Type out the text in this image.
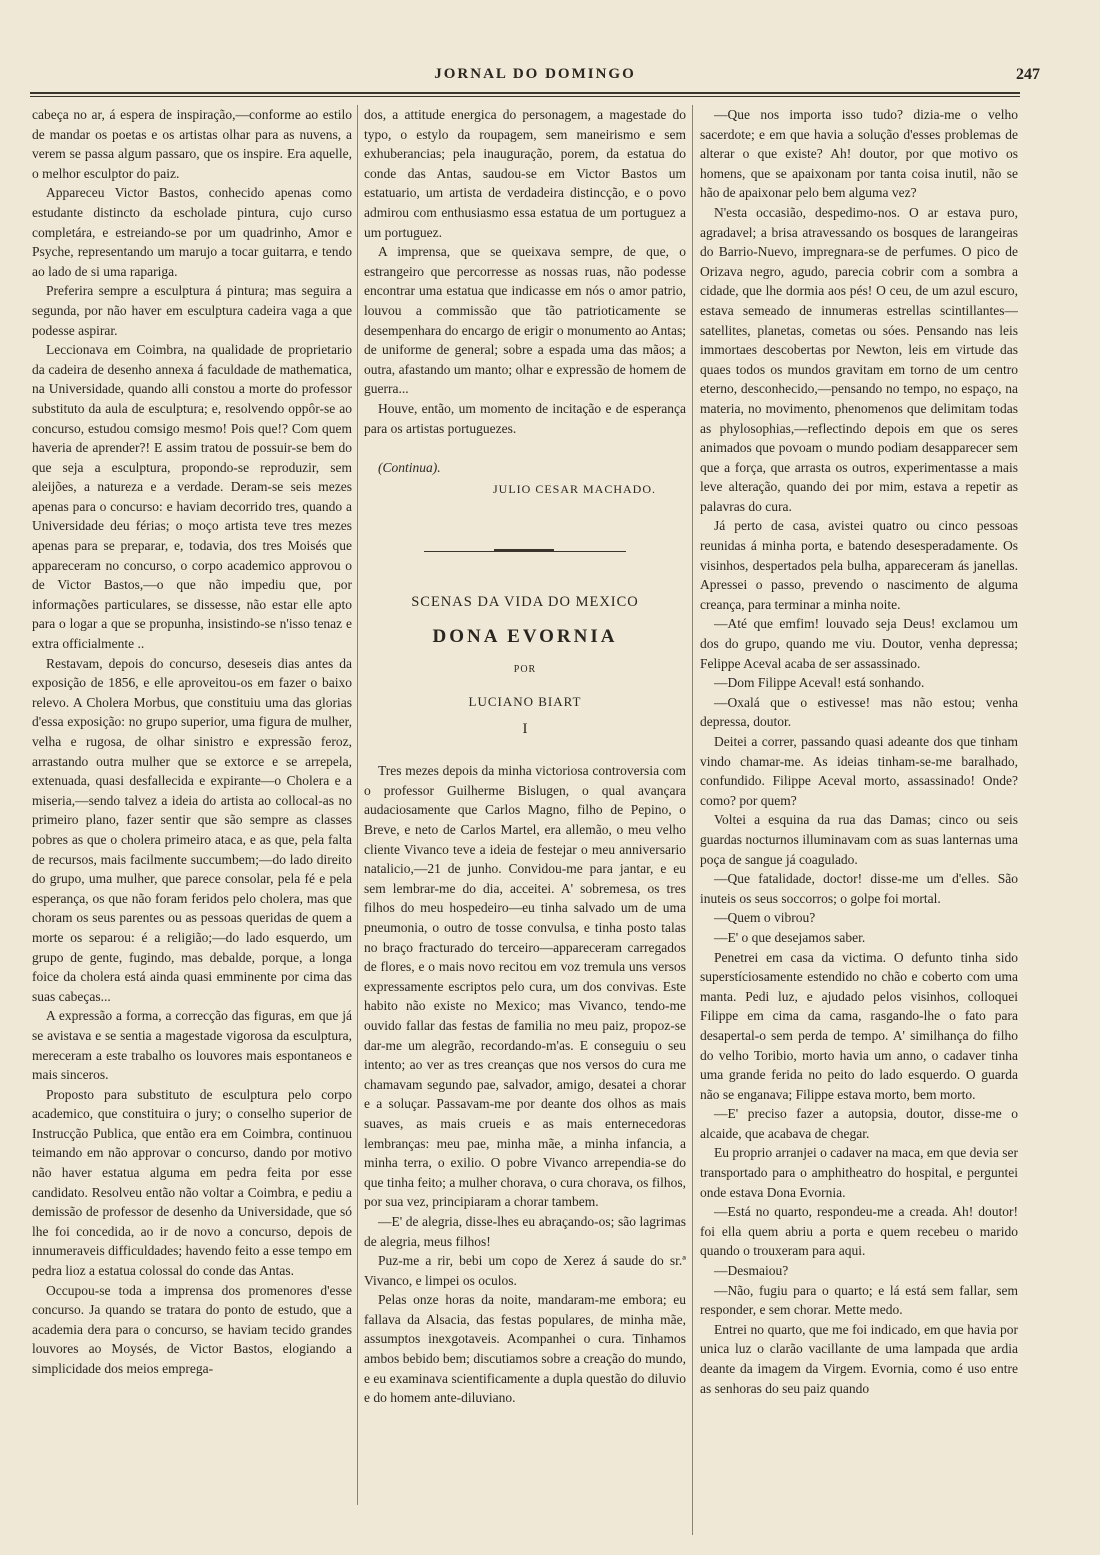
JORNAL DO DOMINGO	247

cabeça no ar, á espera de inspiração,—conforme ao estilo de mandar os poetas e os artistas olhar para as nuvens, a verem se passa algum passaro, que os inspire. Era aquelle, o melhor esculptor do paiz.

Appareceu Victor Bastos, conhecido apenas como estudante distincto da escholade pintura, cujo curso completára, e estreiando-se por um quadrinho, Amor e Psyche, representando um marujo a tocar guitarra, e tendo ao lado de si uma rapariga.

Preferira sempre a esculptura á pintura; mas seguira a segunda, por não haver em esculptura cadeira vaga a que podesse aspirar.

Leccionava em Coimbra, na qualidade de proprietario da cadeira de desenho annexa á faculdade de mathematica, na Universidade, quando alli constou a morte do professor substituto da aula de esculptura; e, resolvendo oppôr-se ao concurso, estudou comsigo mesmo! Pois que!? Com quem haveria de aprender?! E assim tratou de possuir-se bem do que seja a esculptura, propondo-se reproduzir, sem aleijões, a natureza e a verdade. Deram-se seis mezes apenas para o concurso: e haviam decorrido tres, quando a Universidade deu férias; o moço artista teve tres mezes apenas para se preparar, e, todavia, dos tres Moisés que appareceram no concurso, o corpo academico approvou o de Victor Bastos,—o que não impediu que, por informações particulares, se dissesse, não estar elle apto para o logar a que se propunha, insistindo-se n'isso tenaz e extra officialmente ..

Restavam, depois do concurso, deseseis dias antes da exposição de 1856, e elle aproveitou-os em fazer o baixo relevo. A Cholera Morbus, que constituiu uma das glorias d'essa exposição: no grupo superior, uma figura de mulher, velha e rugosa, de olhar sinistro e expressão feroz, arrastando outra mulher que se extorce e se arrepela, extenuada, quasi desfallecida e expirante—o Cholera e a miseria,—sendo talvez a ideia do artista ao collocal-as no primeiro plano, fazer sentir que são sempre as classes pobres as que o cholera primeiro ataca, e as que, pela falta de recursos, mais facilmente succumbem;—do lado direito do grupo, uma mulher, que parece consolar, pela fé e pela esperança, os que não foram feridos pelo cholera, mas que choram os seus parentes ou as pessoas queridas de quem a morte os separou: é a religião;—do lado esquerdo, um grupo de gente, fugindo, mas debalde, porque, a longa foice da cholera está ainda quasi emminente por cima das suas cabeças...

A expressão a forma, a correcção das figuras, em que já se avistava e se sentia a magestade vigorosa da esculptura, mereceram a este trabalho os louvores mais espontaneos e mais sinceros.

Proposto para substituto de esculptura pelo corpo academico, que constituira o jury; o conselho superior de Instrucção Publica, que então era em Coimbra, continuou teimando em não approvar o concurso, dando por motivo não haver estatua alguma em pedra feita por esse candidato. Resolveu então não voltar a Coimbra, e pediu a demissão de professor de desenho da Universidade, que só lhe foi concedida, ao ir de novo a concurso, depois de innumeraveis difficuldades; havendo feito a esse tempo em pedra lioz a estatua colossal do conde das Antas.

Occupou-se toda a imprensa dos promenores d'esse concurso. Ja quando se tratara do ponto de estudo, que a academia dera para o concurso, se haviam tecido grandes louvores ao Moysés, de Victor Bastos, elogiando a simplicidade dos meios emprega-

dos, a attitude energica do personagem, a magestade do typo, o estylo da roupagem, sem maneirismo e sem exhuberancias; pela inauguração, porem, da estatua do conde das Antas, saudou-se em Victor Bastos um estatuario, um artista de verdadeira distincção, e o povo admirou com enthusiasmo essa estatua de um portuguez a um portuguez.

A imprensa, que se queixava sempre, de que, o estrangeiro que percorresse as nossas ruas, não podesse encontrar uma estatua que indicasse em nós o amor patrio, louvou a commissão que tão patrioticamente se desempenhara do encargo de erigir o monumento ao Antas; de uniforme de general; sobre a espada uma das mãos; a outra, afastando um manto; olhar e expressão de homem de guerra...

Houve, então, um momento de incitação e de esperança para os artistas portuguezes.

(Continua).

JULIO CESAR MACHADO.
SCENAS DA VIDA DO MEXICO
DONA EVORNIA
POR
LUCIANO BIART
I

Tres mezes depois da minha victoriosa controversia com o professor Guilherme Bislugen, o qual avançara audaciosamente que Carlos Magno, filho de Pepino, o Breve, e neto de Carlos Martel, era allemão, o meu velho cliente Vivanco teve a ideia de festejar o meu anniversario natalicio,—21 de junho. Convidou-me para jantar, e eu sem lembrar-me do dia, acceitei. A' sobremesa, os tres filhos do meu hospedeiro—eu tinha salvado um de uma pneumonia, o outro de tosse convulsa, e tinha posto talas no braço fracturado do terceiro—appareceram carregados de flores, e o mais novo recitou em voz tremula uns versos expressamente escriptos pelo cura, um dos convivas. Este habito não existe no Mexico; mas Vivanco, tendo-me ouvido fallar das festas de familia no meu paiz, propoz-se dar-me um alegrão, recordando-m'as. E conseguiu o seu intento; ao ver as tres creanças que nos versos do cura me chamavam segundo pae, salvador, amigo, desatei a chorar e a soluçar. Passavam-me por deante dos olhos as mais suaves, as mais crueis e as mais enternecedoras lembranças: meu pae, minha mãe, a minha infancia, a minha terra, o exilio. O pobre Vivanco arrependia-se do que tinha feito; a mulher chorava, o cura chorava, os filhos, por sua vez, principiaram a chorar tambem.

—E' de alegria, disse-lhes eu abraçando-os; são lagrimas de alegria, meus filhos!

Puz-me a rir, bebi um copo de Xerez á saude do sr.ª Vivanco, e limpei os oculos.

Pelas onze horas da noite, mandaram-me embora; eu fallava da Alsacia, das festas populares, de minha mãe, assumptos inexgotaveis. Acompanhei o cura. Tinhamos ambos bebido bem; discutiamos sobre a creação do mundo, e eu examinava scientificamente a dupla questão do diluvio e do homem ante-diluviano.

—Que nos importa isso tudo? dizia-me o velho sacerdote; e em que havia a solução d'esses problemas de alterar o que existe? Ah! doutor, por que motivo os homens, que se apaixonam por tanta coisa inutil, não se hão de apaixonar pelo bem alguma vez?

N'esta occasião, despedimo-nos. O ar estava puro, agradavel; a brisa atravessando os bosques de larangeiras do Barrio-Nuevo, impregnara-se de perfumes. O pico de Orizava negro, agudo, parecia cobrir com a sombra a cidade, que lhe dormia aos pés! O ceu, de um azul escuro, estava semeado de innumeras estrellas scintillantes—satellites, planetas, cometas ou sóes. Pensando nas leis immortaes descobertas por Newton, leis em virtude das quaes todos os mundos gravitam em torno de um centro eterno, desconhecido,—pensando no tempo, no espaço, na materia, no movimento, phenomenos que delimitam todas as phylosophias,—reflectindo depois em que os seres animados que povoam o mundo podiam desapparecer sem que a força, que arrasta os outros, experimentasse a mais leve alteração, quando dei por mim, estava a repetir as palavras do cura.

Já perto de casa, avistei quatro ou cinco pessoas reunidas á minha porta, e batendo desesperadamente. Os visinhos, despertados pela bulha, appareceram ás janellas. Apressei o passo, prevendo o nascimento de alguma creança, para terminar a minha noite.

—Até que emfim! louvado seja Deus! exclamou um dos do grupo, quando me viu. Doutor, venha depressa; Felippe Aceval acaba de ser assassinado.

—Dom Filippe Aceval! está sonhando.

—Oxalá que o estivesse! mas não estou; venha depressa, doutor.

Deitei a correr, passando quasi adeante dos que tinham vindo chamar-me. As ideias tinham-se-me baralhado, confundido. Filippe Aceval morto, assassinado! Onde? como? por quem?

Voltei a esquina da rua das Damas; cinco ou seis guardas nocturnos illuminavam com as suas lanternas uma poça de sangue já coagulado.

—Que fatalidade, doctor! disse-me um d'elles. São inuteis os seus soccorros; o golpe foi mortal.

—Quem o vibrou?

—E' o que desejamos saber.

Penetrei em casa da victima. O defunto tinha sido superstíciosamente estendido no chão e coberto com uma manta. Pedi luz, e ajudado pelos visinhos, colloquei Filippe em cima da cama, rasgando-lhe o fato para desapertal-o sem perda de tempo. A' similhança do filho do velho Toribio, morto havia um anno, o cadaver tinha uma grande ferida no peito do lado esquerdo. O guarda não se enganava; Filippe estava morto, bem morto.

—E' preciso fazer a autopsia, doutor, disse-me o alcaide, que acabava de chegar.

Eu proprio arranjei o cadaver na maca, em que devia ser transportado para o amphitheatro do hospital, e perguntei onde estava Dona Evornia.

—Está no quarto, respondeu-me a creada. Ah! doutor! foi ella quem abriu a porta e quem recebeu o marido quando o trouxeram para aqui.

—Desmaiou?

—Não, fugiu para o quarto; e lá está sem fallar, sem responder, e sem chorar. Mette medo.

Entrei no quarto, que me foi indicado, em que havia por unica luz o clarão vacillante de uma lampada que ardia deante da imagem da Virgem. Evornia, como é uso entre as senhoras do seu paiz quando
